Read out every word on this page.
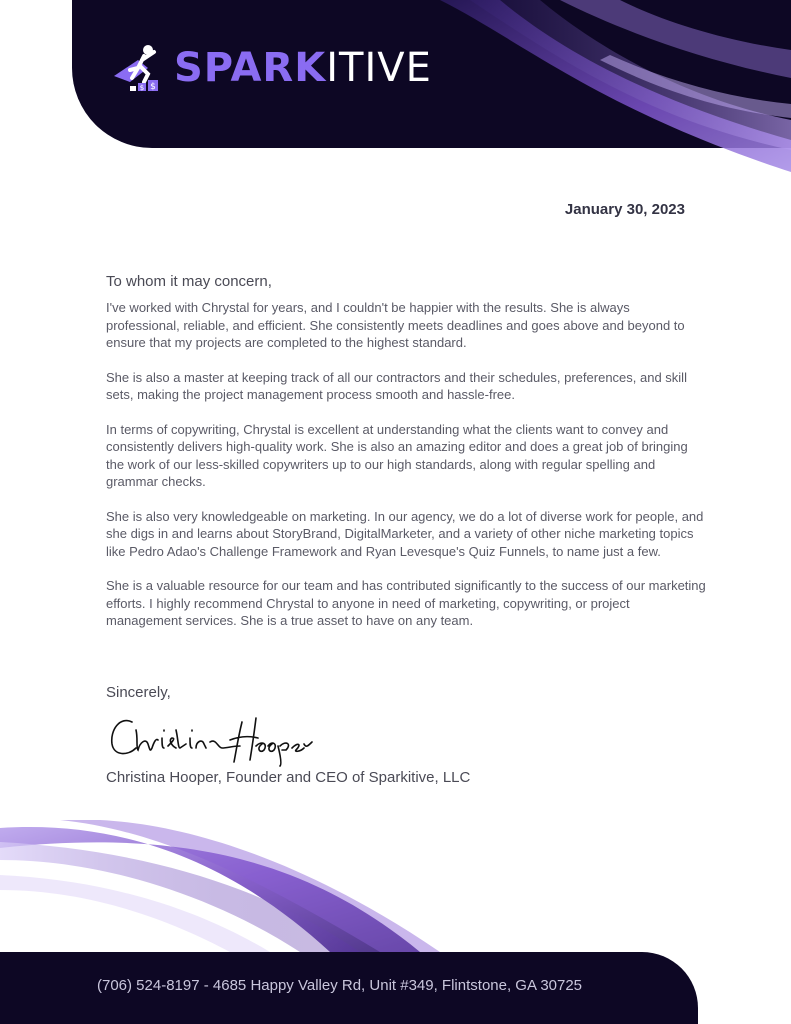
$ $ SPARKITIVE
January 30, 2023

To whom it may concern,

I've worked with Chrystal for years, and I couldn't be happier with the results. She is always professional, reliable, and efficient. She consistently meets deadlines and goes above and beyond to ensure that my projects are completed to the highest standard.

She is also a master at keeping track of all our contractors and their schedules, preferences, and skill sets, making the project management process smooth and hassle-free.

In terms of copywriting, Chrystal is excellent at understanding what the clients want to convey and consistently delivers high-quality work. She is also an amazing editor and does a great job of bringing the work of our less-skilled copywriters up to our high standards, along with regular spelling and grammar checks.

She is also very knowledgeable on marketing. In our agency, we do a lot of diverse work for people, and she digs in and learns about StoryBrand, DigitalMarketer, and a variety of other niche marketing topics like Pedro Adao's Challenge Framework and Ryan Levesque's Quiz Funnels, to name just a few.

She is a valuable resource for our team and has contributed significantly to the success of our marketing efforts. I highly recommend Chrystal to anyone in need of marketing, copywriting, or project management services. She is a true asset to have on any team.

Sincerely,
Christina Hooper, Founder and CEO of Sparkitive, LLC
(706) 524-8197 - 4685 Happy Valley Rd, Unit #349, Flintstone, GA 30725
